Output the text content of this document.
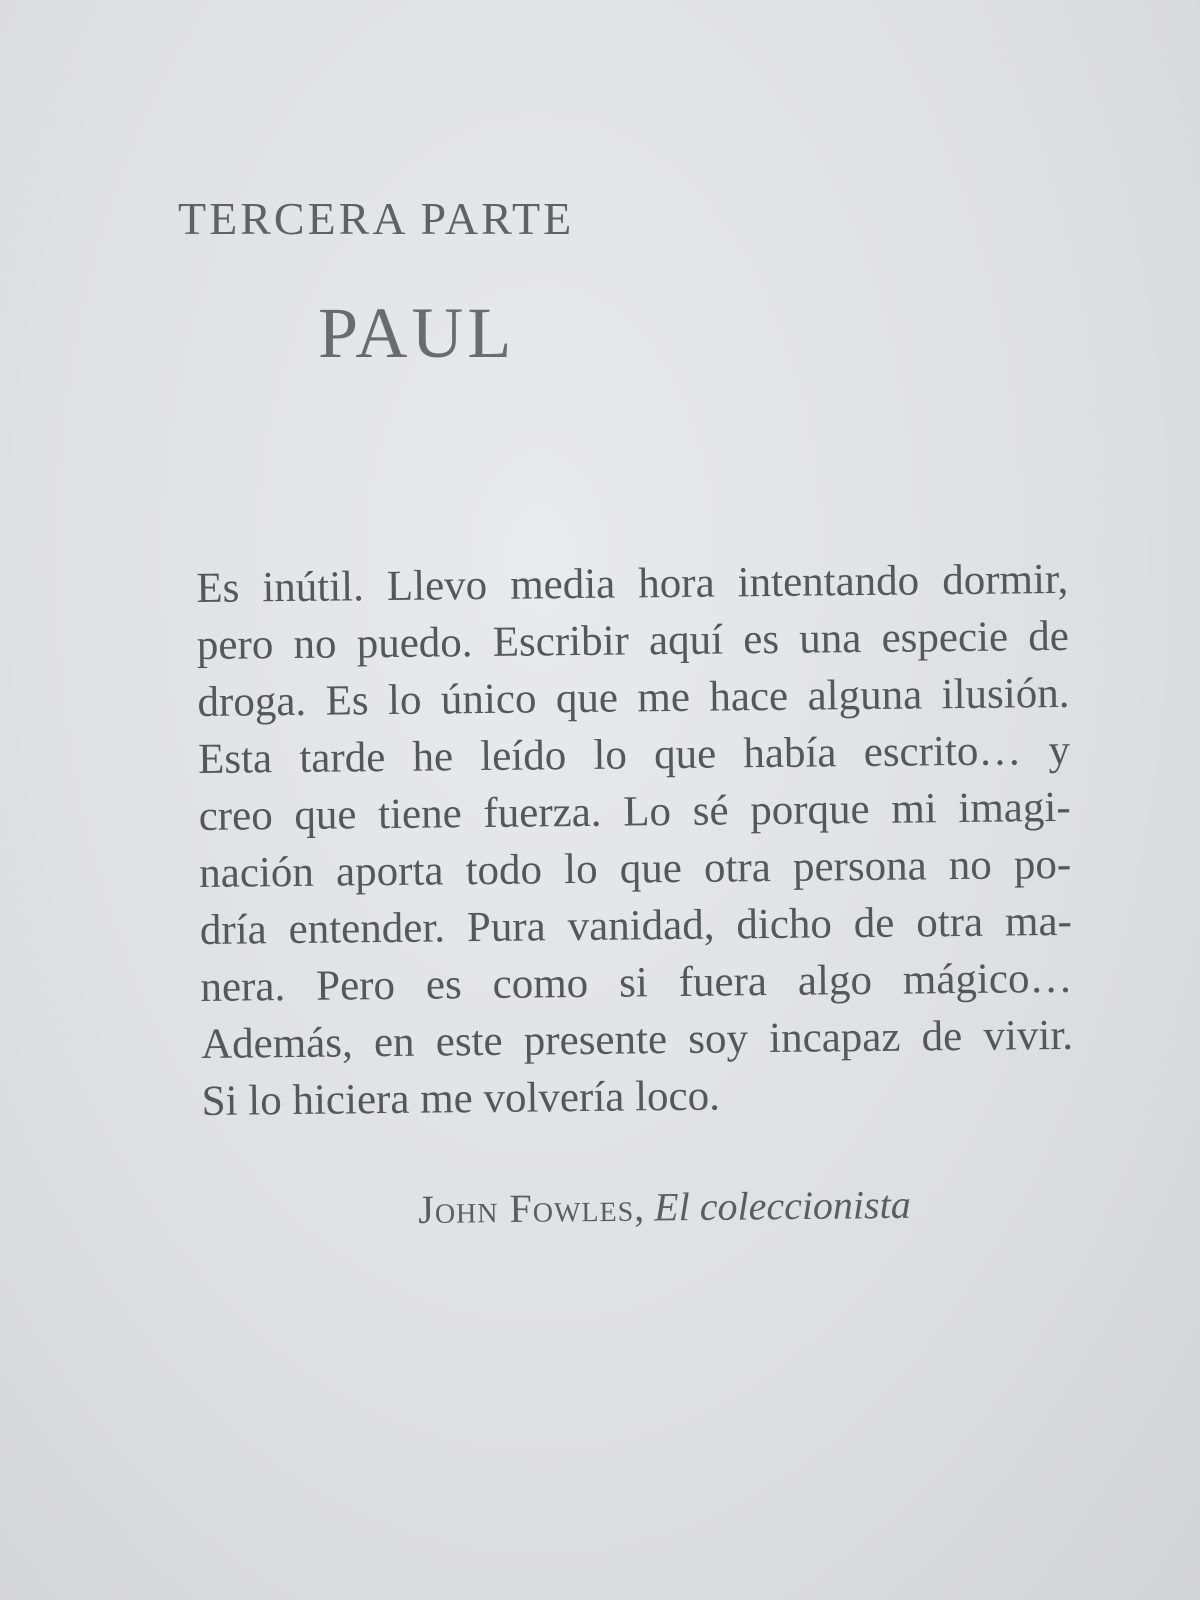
TERCERA PARTE
PAUL
Es inútil. Llevo media hora intentando dormir,
pero no puedo. Escribir aquí es una especie de
droga. Es lo único que me hace alguna ilusión.
Esta tarde he leído lo que había escrito… y
creo que tiene fuerza. Lo sé porque mi imagi-
nación aporta todo lo que otra persona no po-
dría entender. Pura vanidad, dicho de otra ma-
nera. Pero es como si fuera algo mágico…
Además, en este presente soy incapaz de vivir.
Si lo hiciera me volvería loco.
John Fowles, El coleccionista
